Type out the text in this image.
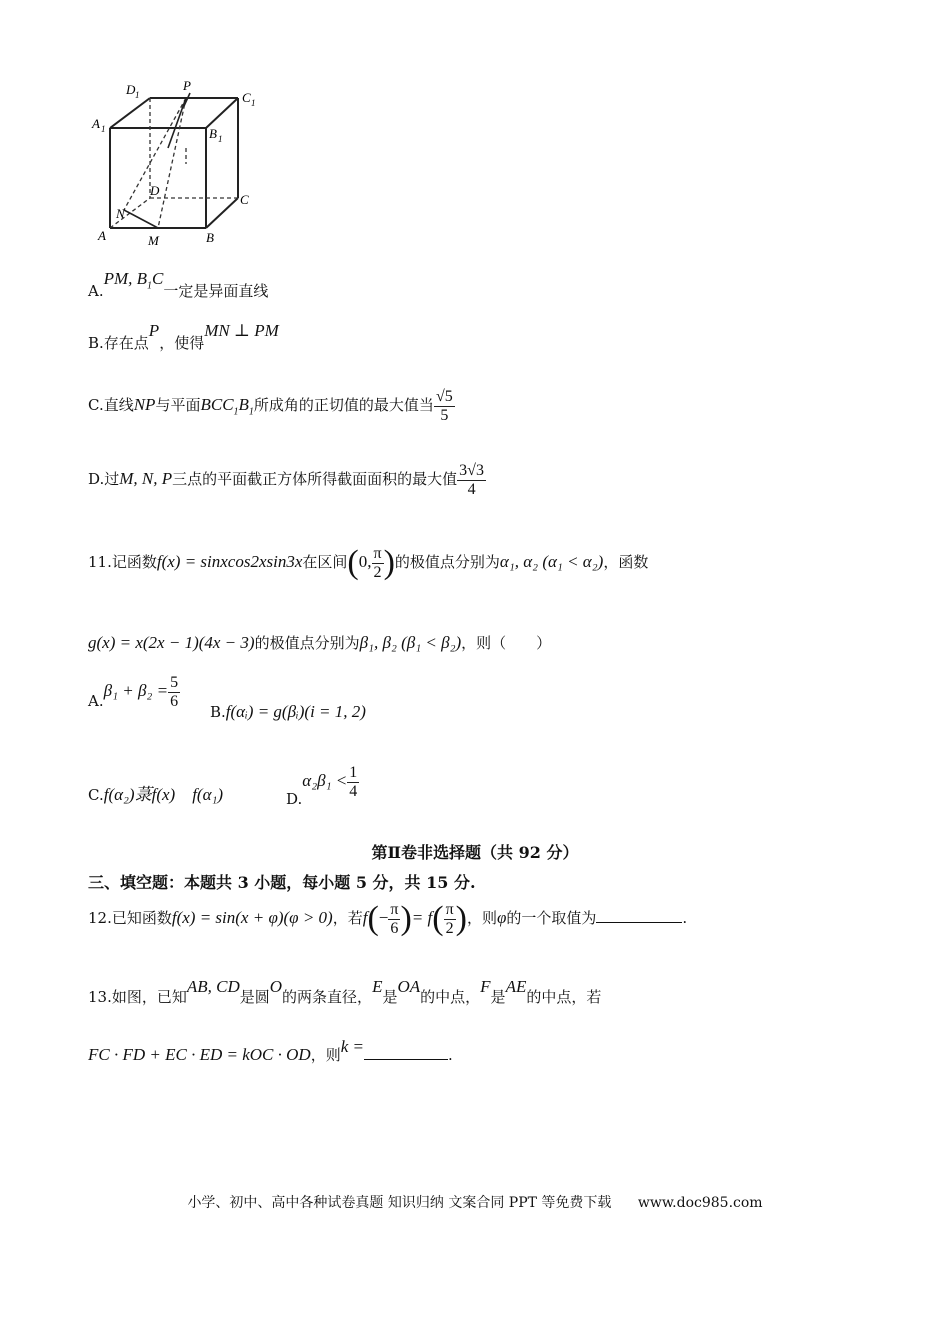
D 1
P
C 1
A 1	B 1
D
C
N
A	M	B
A.PM, $B_1C$一定是异面直线
B.存在点P，使得MN ⊥ PM
C.直线NP与平面$BCC_1B_1$所成角的正切值的最大值当 $\frac{√5}{5}$
D.过M, N, P三点的平面截正方体所得截面面积的最大值 $\frac{3√3}{4}$
11.记函数f(x) = sinxcos2xsin3x在区间(0, $\frac{\pi}{2}$ )的极值点分别为α₁, α₂ (α₁ < α₂)，函数
g(x) = x(2x − 1)(4x − 3)的极值点分别为β₁, β₂ (β₁ < β₂)，则（　　）
$A.\beta_1 + \beta_2 = \frac{5}{6}$
B.f(αᵢ) = g(βᵢ)(i = 1, 2)
C.f(α₂)菉f(x)　f(α₁)	$D.\alpha_2\beta_1 < \frac{1}{4}$
第Ⅱ卷非选择题（共 92 分）
三、填空题：本题共 3 小题，每小题 5 分，共 15 分.
12.已知函数f(x) = sin(x + φ)(φ > 0)，若$f(- \frac{\pi}{6}$ )= $f( \frac{\pi}{2}$ )，则φ的一个取值为	.
13.如图，已知AB, CD是圆O的两条直径，E是OA的中点，F是AE的中点，若
FC · FD + EC · ED = kOC · OD，则k =	.
小学、初中、高中各种试卷真题 知识归纳 文案合同 PPT 等免费下载 www.doc985.com
